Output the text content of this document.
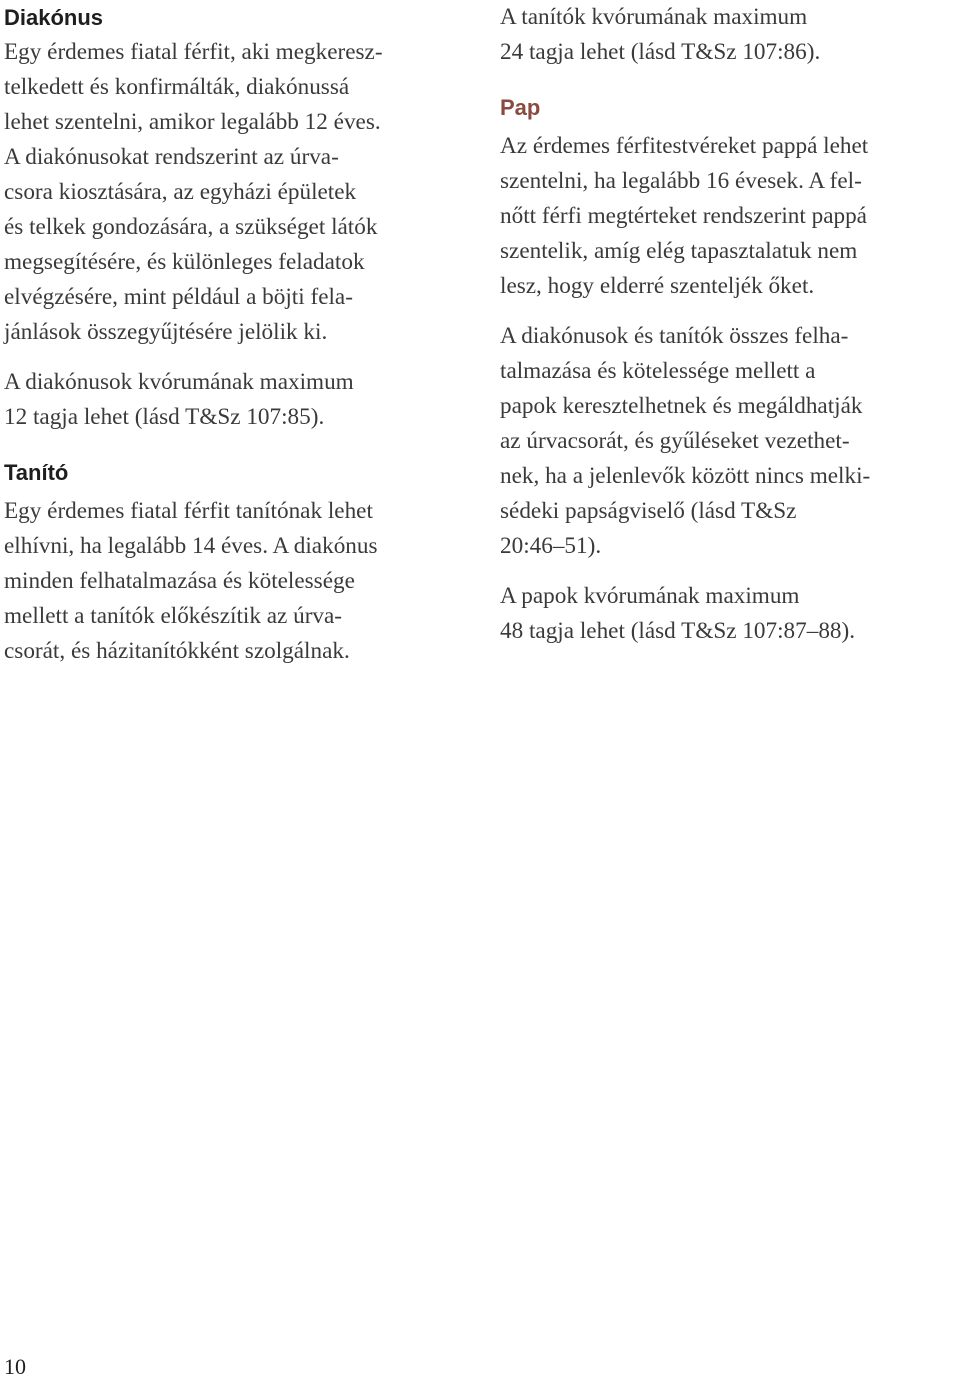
Diakónus

Egy érdemes fiatal férfit, aki megkeresz-
telkedett és konfirmálták, diakónussá
lehet szentelni, amikor legalább 12 éves.
A diakónusokat rendszerint az úrva-
csora kiosztására, az egyházi épületek
és telkek gondozására, a szükséget látók
megsegítésére, és különleges feladatok
elvégzésére, mint például a böjti fela-
jánlások összegyűjtésére jelölik ki.

A diakónusok kvórumának maximum
12 tagja lehet (lásd T&Sz 107:85).

Tanító

Egy érdemes fiatal férfit tanítónak lehet
elhívni, ha legalább 14 éves. A diakónus
minden felhatalmazása és kötelessége
mellett a tanítók előkészítik az úrva-
csorát, és házitanítókként szolgálnak.

A tanítók kvórumának maximum
24 tagja lehet (lásd T&Sz 107:86).

Pap

Az érdemes férfitestvéreket pappá lehet
szentelni, ha legalább 16 évesek. A fel-
nőtt férfi megtérteket rendszerint pappá
szentelik, amíg elég tapasztalatuk nem
lesz, hogy elderré szenteljék őket.

A diakónusok és tanítók összes felha-
talmazása és kötelessége mellett a
papok keresztelhetnek és megáldhatják
az úrvacsorát, és gyűléseket vezethet-
nek, ha a jelenlevők között nincs melki-
sédeki papságviselő (lásd T&Sz
20:46–51).

A papok kvórumának maximum
48 tagja lehet (lásd T&Sz 107:87–88).

10
